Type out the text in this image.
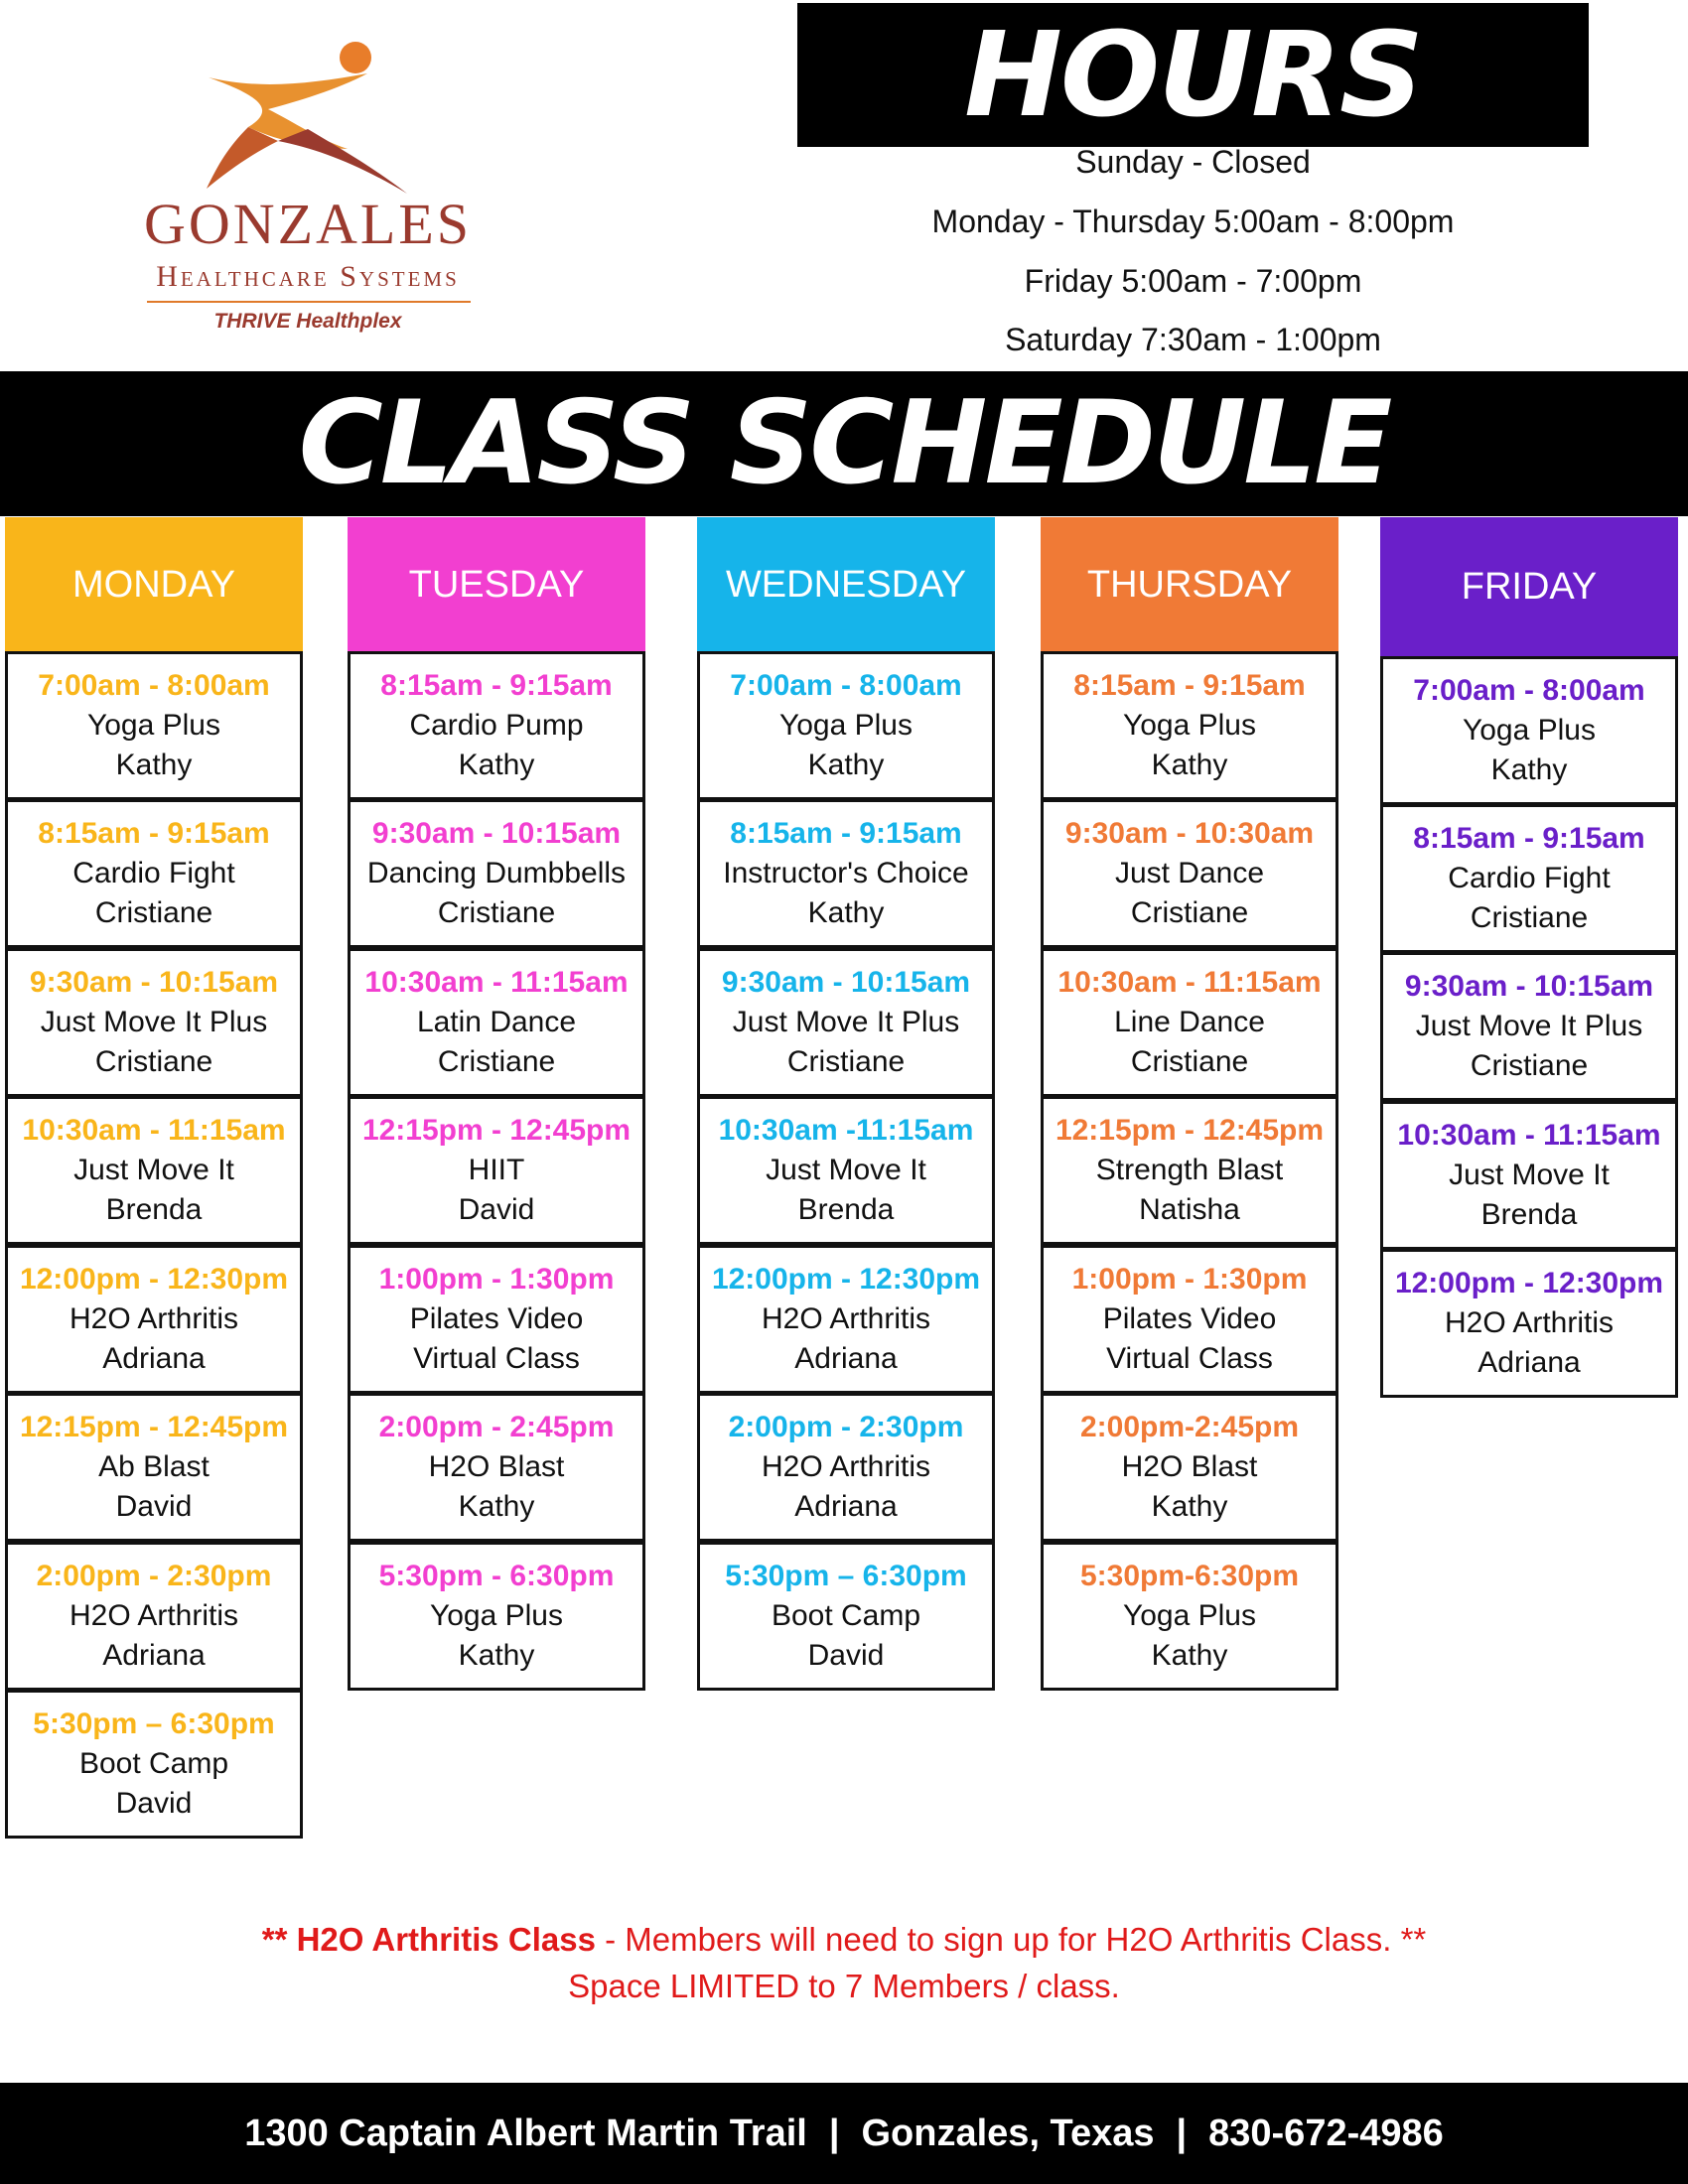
GONZALES
Healthcare Systems
THRIVE Healthplex
HOURS
Sunday - Closed
Monday - Thursday 5:00am - 8:00pm
Friday 5:00am - 7:00pm
Saturday 7:30am - 1:00pm
CLASS SCHEDULE
MONDAY
7:00am - 8:00am
Yoga Plus
Kathy
8:15am - 9:15am
Cardio Fight
Cristiane
9:30am - 10:15am
Just Move It Plus
Cristiane
10:30am - 11:15am
Just Move It
Brenda
12:00pm - 12:30pm
H2O Arthritis
Adriana
12:15pm - 12:45pm
Ab Blast
David
2:00pm - 2:30pm
H2O Arthritis
Adriana
5:30pm – 6:30pm
Boot Camp
David
TUESDAY
8:15am - 9:15am
Cardio Pump
Kathy
9:30am - 10:15am
Dancing Dumbbells
Cristiane
10:30am - 11:15am
Latin Dance
Cristiane
12:15pm - 12:45pm
HIIT
David
1:00pm - 1:30pm
Pilates Video
Virtual Class
2:00pm - 2:45pm
H2O Blast
Kathy
5:30pm - 6:30pm
Yoga Plus
Kathy
WEDNESDAY
7:00am - 8:00am
Yoga Plus
Kathy
8:15am - 9:15am
Instructor's Choice
Kathy
9:30am - 10:15am
Just Move It Plus
Cristiane
10:30am -11:15am
Just Move It
Brenda
12:00pm - 12:30pm
H2O Arthritis
Adriana
2:00pm - 2:30pm
H2O Arthritis
Adriana
5:30pm – 6:30pm
Boot Camp
David
THURSDAY
8:15am - 9:15am
Yoga Plus
Kathy
9:30am - 10:30am
Just Dance
Cristiane
10:30am - 11:15am
Line Dance
Cristiane
12:15pm - 12:45pm
Strength Blast
Natisha
1:00pm - 1:30pm
Pilates Video
Virtual Class
2:00pm-2:45pm
H2O Blast
Kathy
5:30pm-6:30pm
Yoga Plus
Kathy
FRIDAY
7:00am - 8:00am
Yoga Plus
Kathy
8:15am - 9:15am
Cardio Fight
Cristiane
9:30am - 10:15am
Just Move It Plus
Cristiane
10:30am - 11:15am
Just Move It
Brenda
12:00pm - 12:30pm
H2O Arthritis
Adriana
** H2O Arthritis Class - Members will need to sign up for H2O Arthritis Class. **
Space LIMITED to 7 Members / class.
1300 Captain Albert Martin Trail | Gonzales, Texas | 830-672-4986
